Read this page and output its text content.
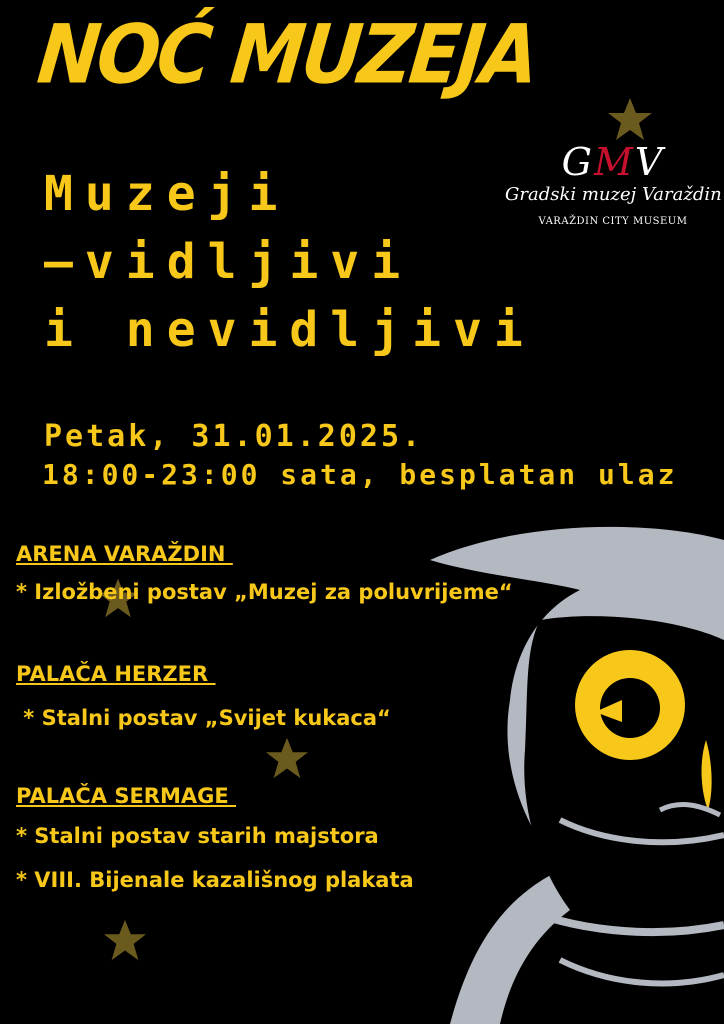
NOĆ MUZEJA
GMV
Gradski muzej Varaždin
VARAŽDIN CITY MUSEUM
Muzeji
—vidljivi
i nevidljivi
Petak, 31.01.2025.
18:00-23:00 sata, besplatan ulaz
ARENA VARAŽDIN
* Izložbeni postav „Muzej za poluvrijeme“
PALAČA HERZER
* Stalni postav „Svijet kukaca“
PALAČA SERMAGE
* Stalni postav starih majstora
* VIII. Bijenale kazališnog plakata
